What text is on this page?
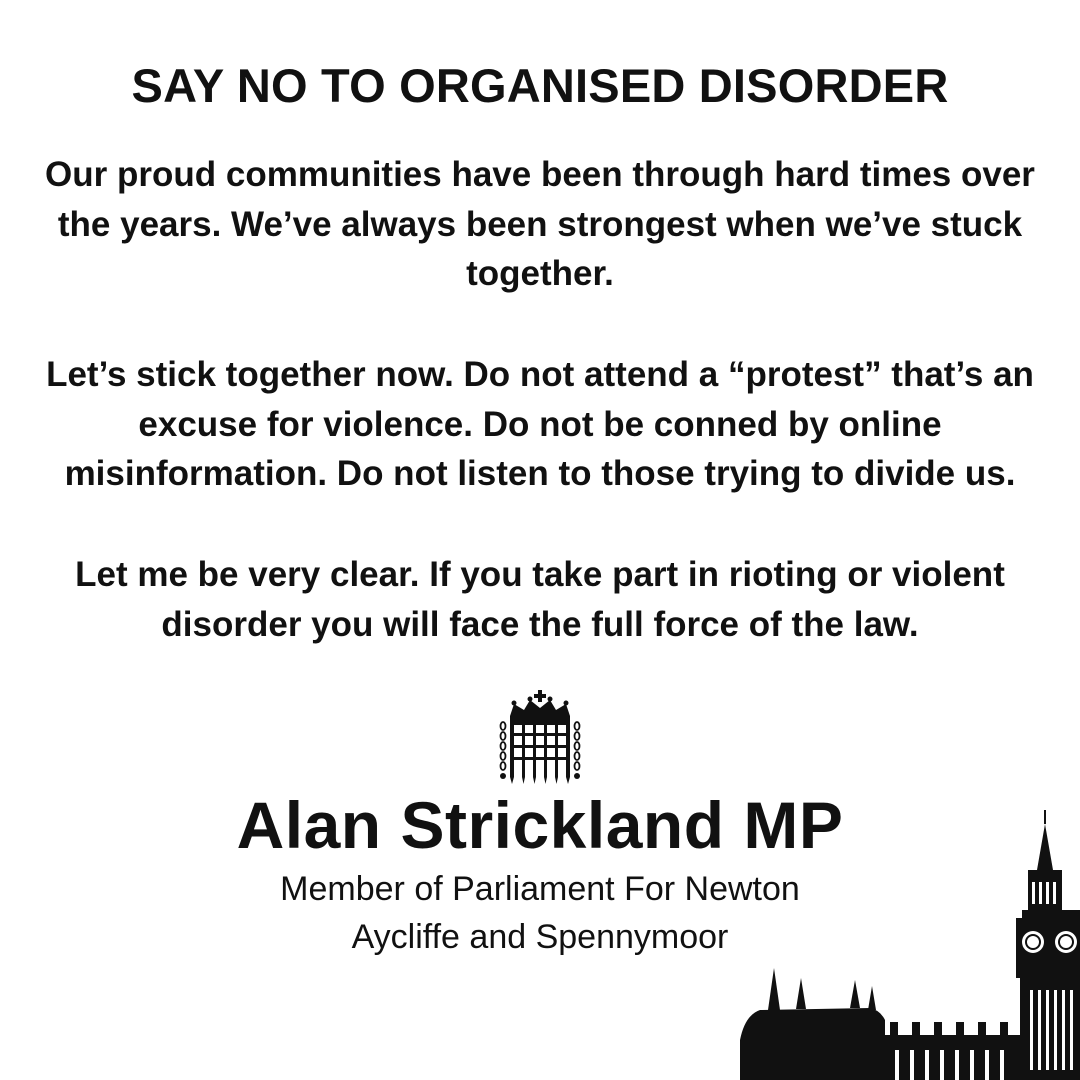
SAY NO TO ORGANISED DISORDER

Our proud communities have been through hard times over the years. We’ve always been strongest when we’ve stuck together.

Let’s stick together now. Do not attend a “protest” that’s an excuse for violence. Do not be conned by online misinformation. Do not listen to those trying to divide us.

Let me be very clear. If you take part in rioting or violent disorder you will face the full force of the law.

Alan Strickland MP
Member of Parliament For Newton
Aycliffe and Spennymoor
